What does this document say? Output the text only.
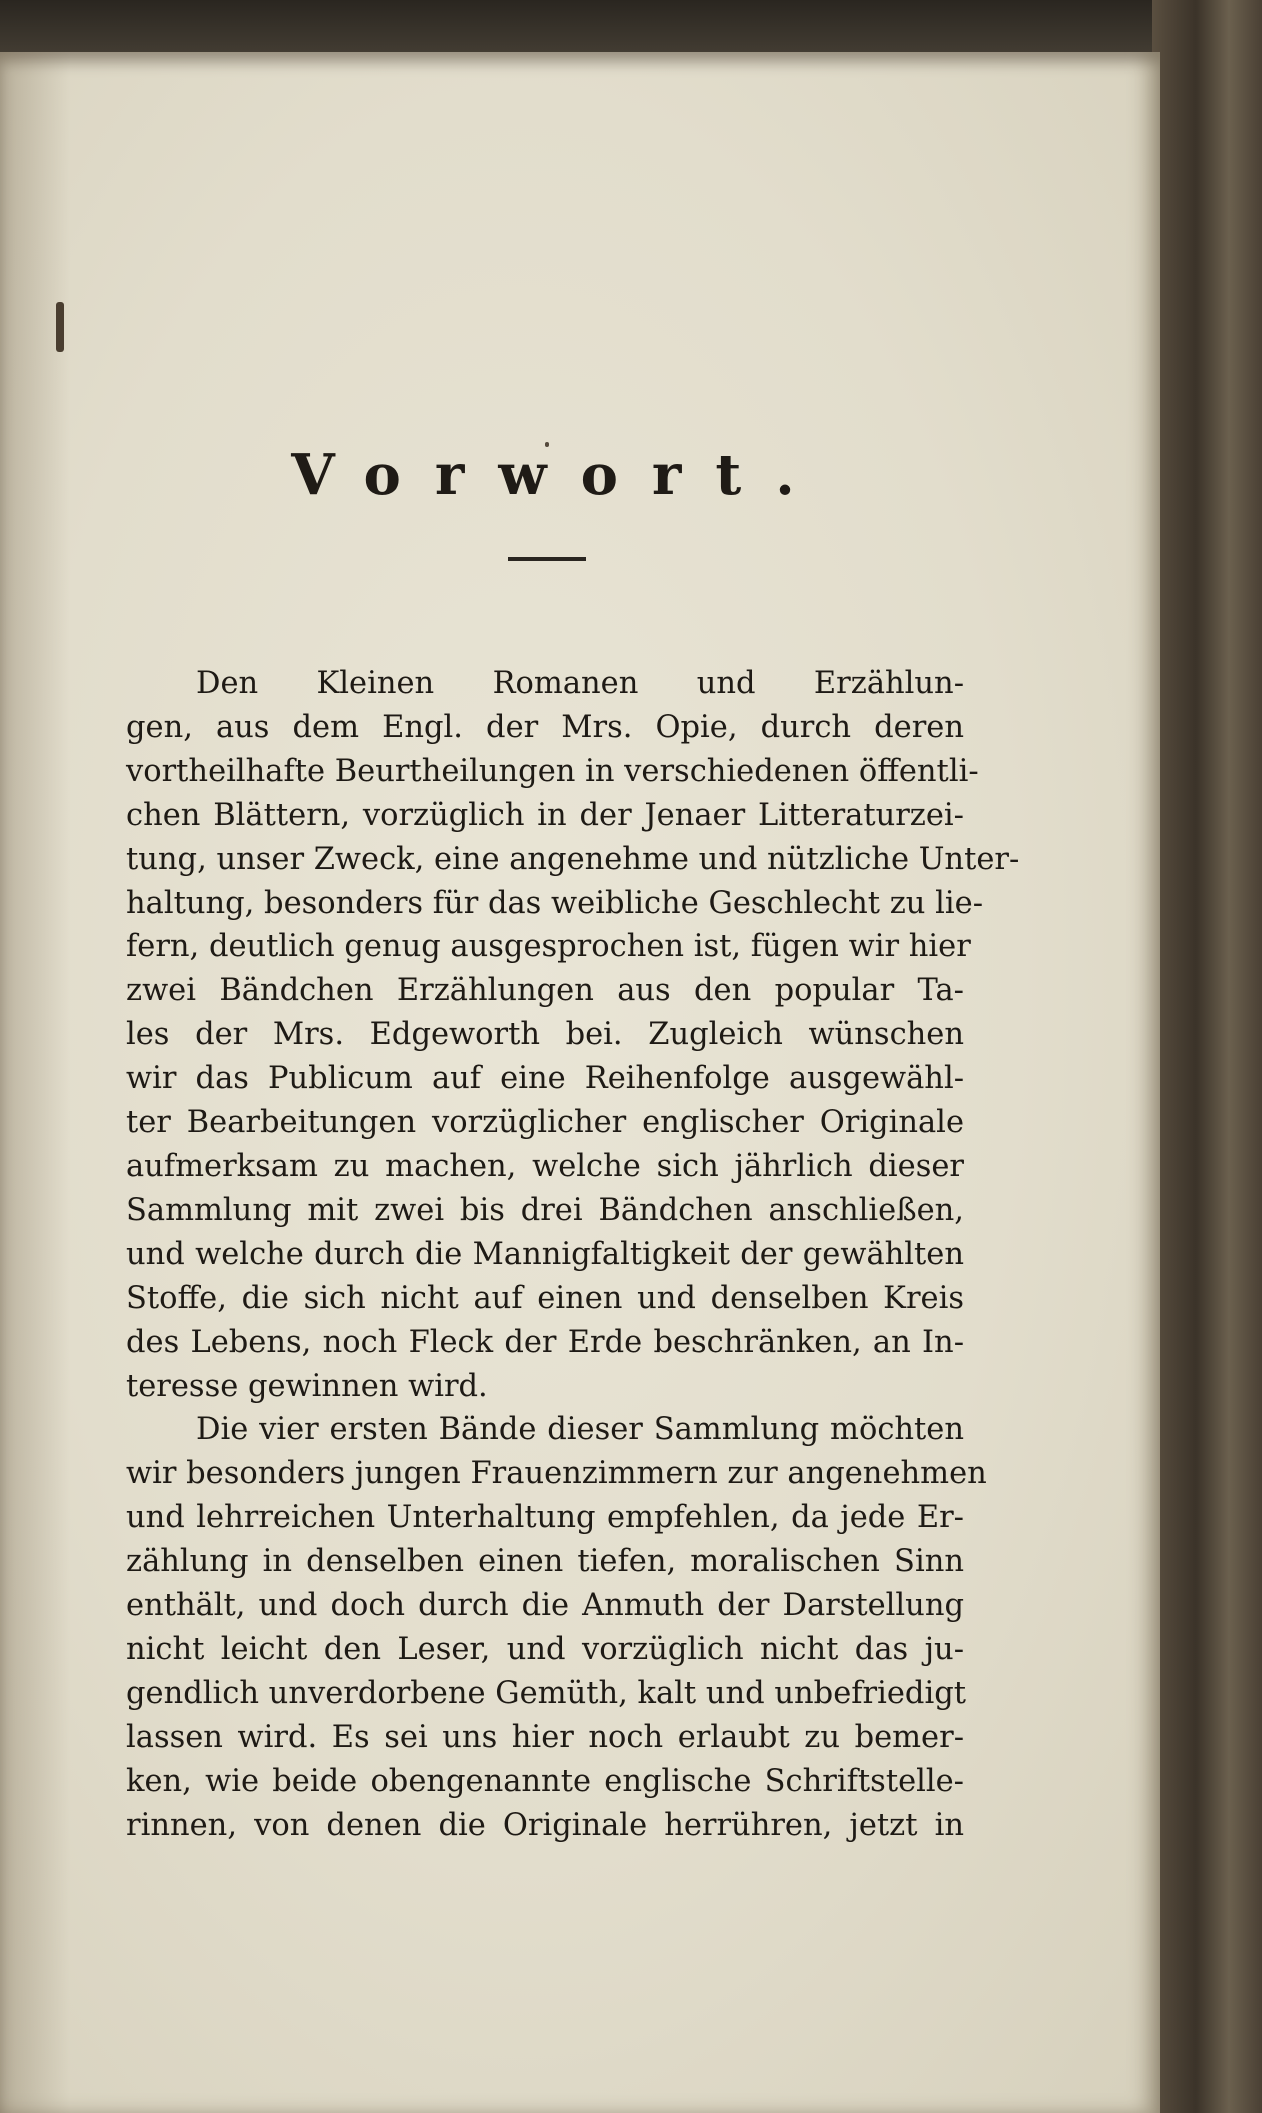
Vorwort.
Den Kleinen Romanen und Erzählun-
gen, aus dem Engl. der Mrs. Opie, durch deren
vortheilhafte Beurtheilungen in verschiedenen öffentli-
chen Blättern, vorzüglich in der Jenaer Litteraturzei-
tung, unser Zweck, eine angenehme und nützliche Unter-
haltung, besonders für das weibliche Geschlecht zu lie-
fern, deutlich genug ausgesprochen ist, fügen wir hier
zwei Bändchen Erzählungen aus den popular Ta-
les der Mrs. Edgeworth bei. Zugleich wünschen
wir das Publicum auf eine Reihenfolge ausgewähl-
ter Bearbeitungen vorzüglicher englischer Originale
aufmerksam zu machen, welche sich jährlich dieser
Sammlung mit zwei bis drei Bändchen anschließen,
und welche durch die Mannigfaltigkeit der gewählten
Stoffe, die sich nicht auf einen und denselben Kreis
des Lebens, noch Fleck der Erde beschränken, an In-
teresse gewinnen wird.
Die vier ersten Bände dieser Sammlung möchten
wir besonders jungen Frauenzimmern zur angenehmen
und lehrreichen Unterhaltung empfehlen, da jede Er-
zählung in denselben einen tiefen, moralischen Sinn
enthält, und doch durch die Anmuth der Darstellung
nicht leicht den Leser, und vorzüglich nicht das ju-
gendlich unverdorbene Gemüth, kalt und unbefriedigt
lassen wird. Es sei uns hier noch erlaubt zu bemer-
ken, wie beide obengenannte englische Schriftstelle-
rinnen, von denen die Originale herrühren, jetzt in
